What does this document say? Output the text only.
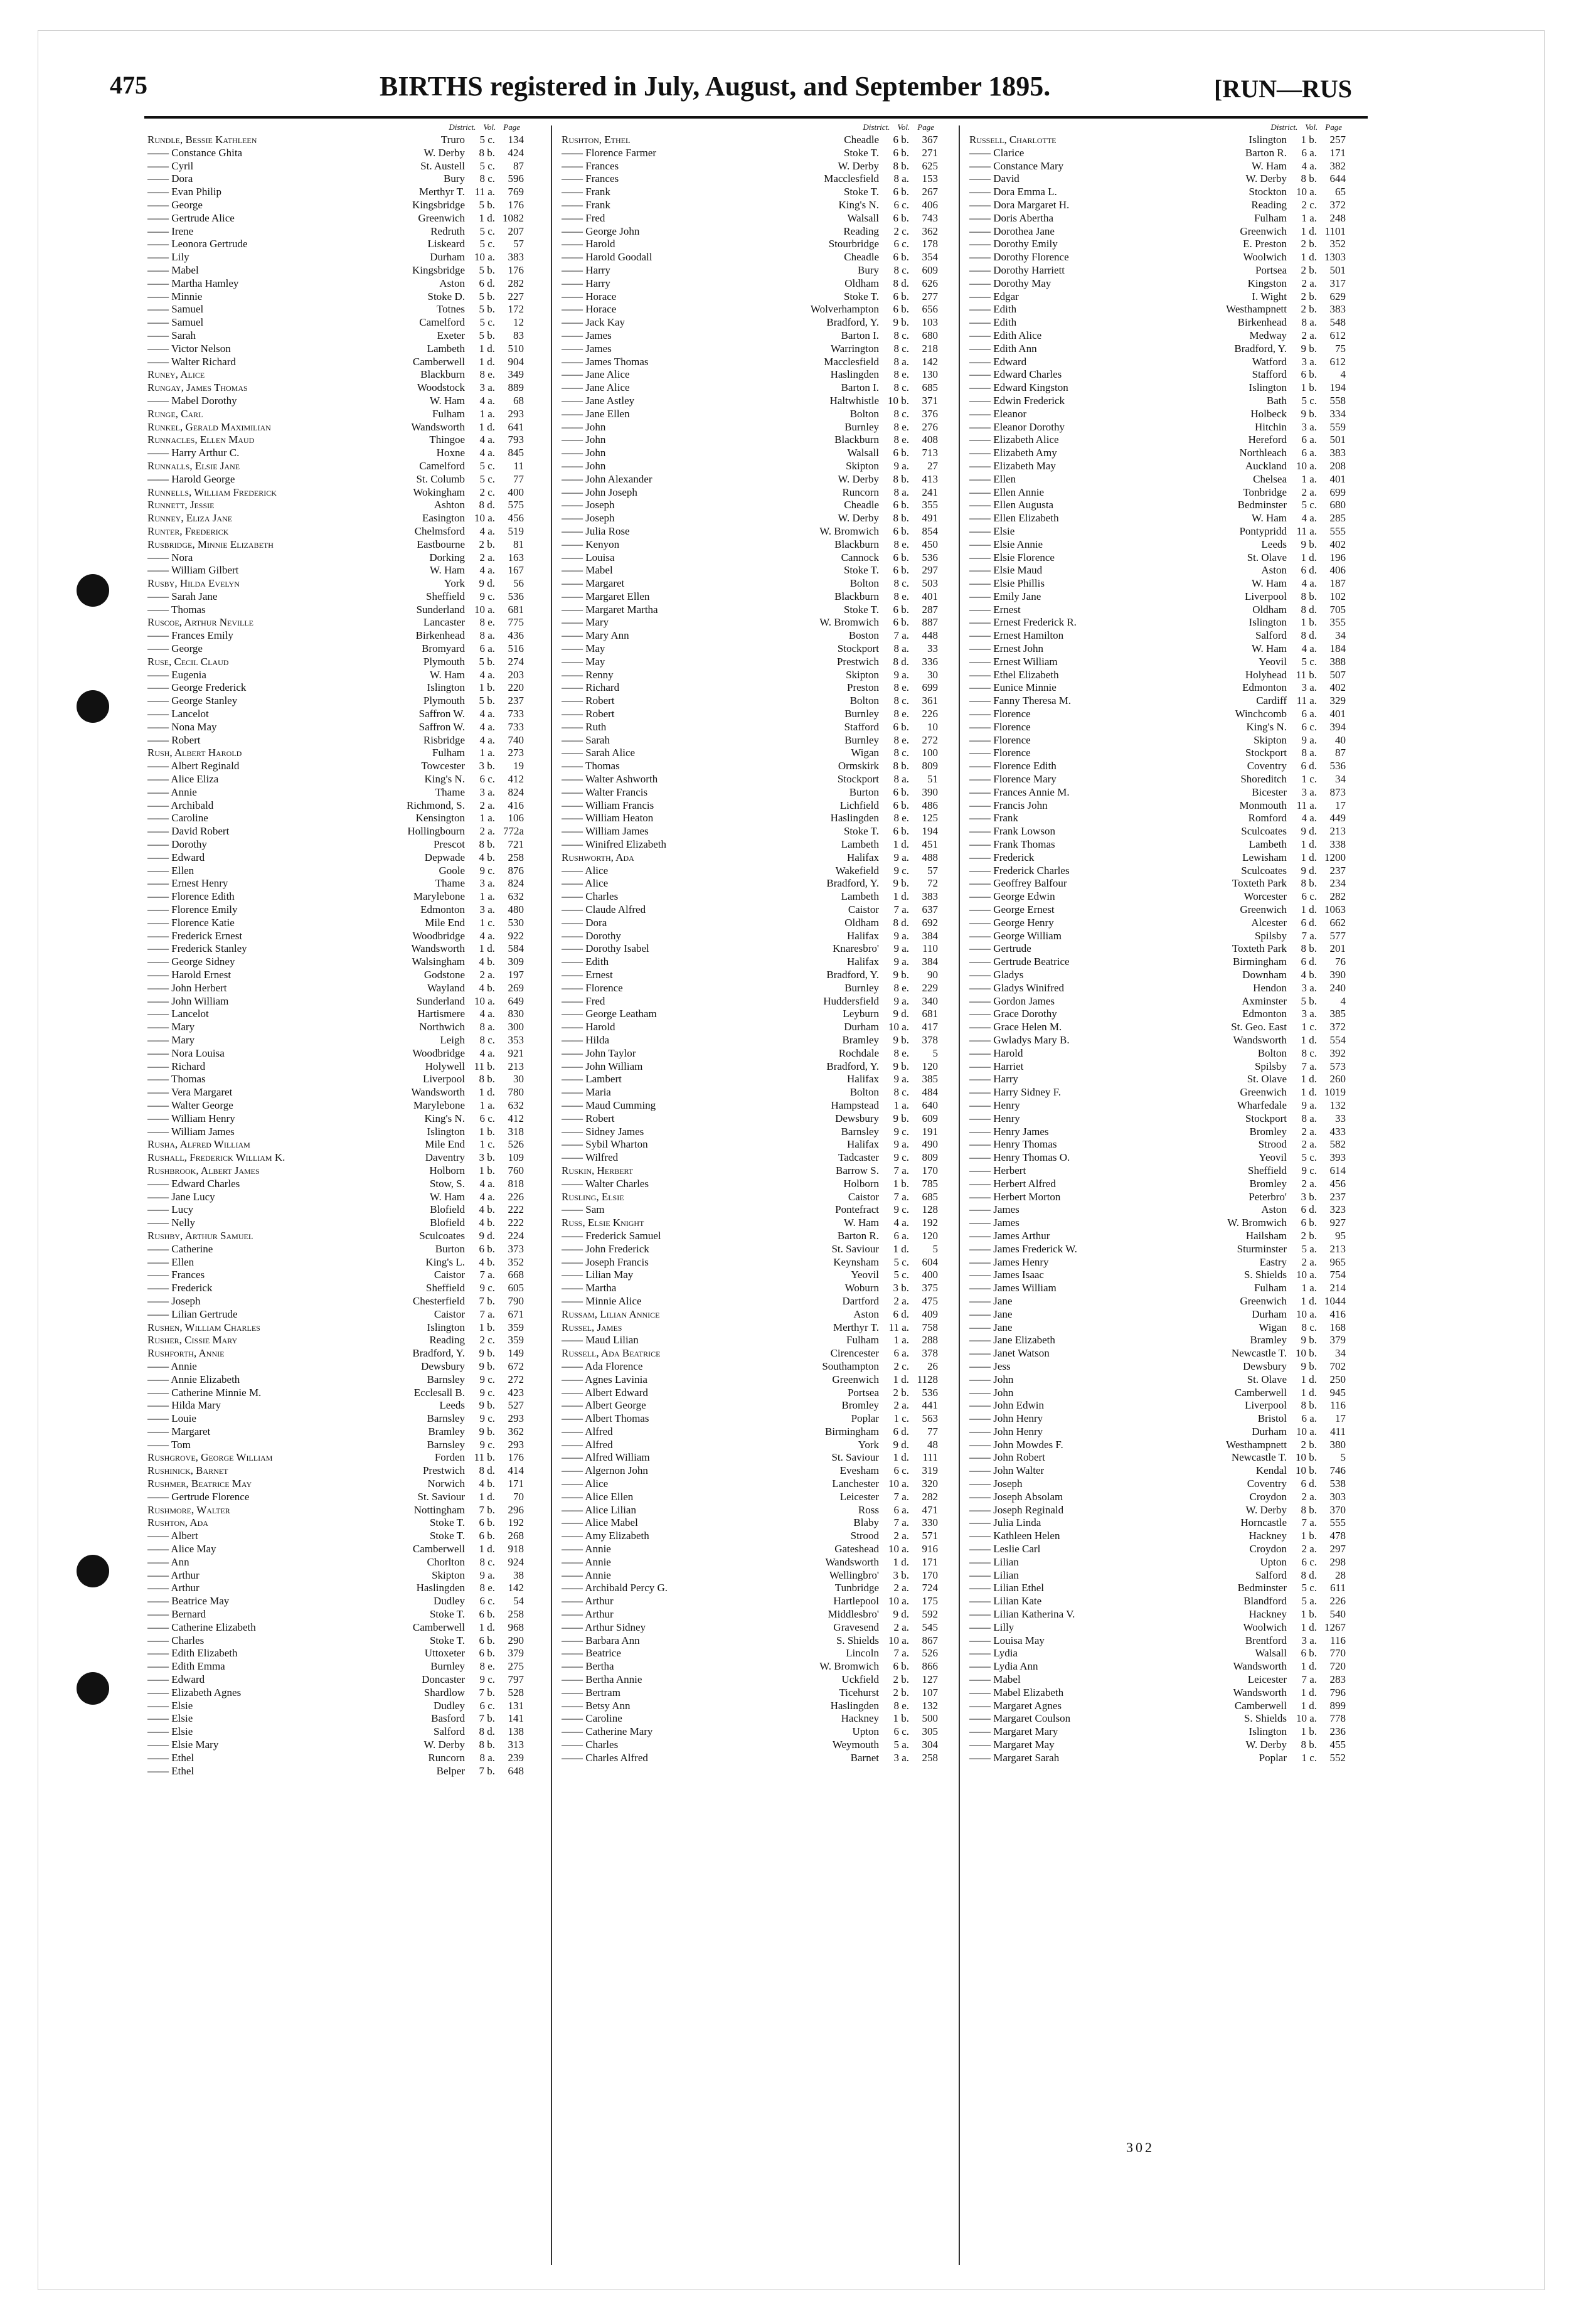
475	BIRTHS registered in July, August, and September 1895.	[RUN—RUS
District. Vol. Page
Rundle, Bessie Kathleen	Truro	5 c.	134
—— Constance Ghita	W. Derby	8 b.	424
—— Cyril	St. Austell	5 c.	87
—— Dora	Bury	8 c.	596
—— Evan Philip	Merthyr T. 11 a.	769
—— George	Kingsbridge	5 b.	176
—— Gertrude Alice	Greenwich	1 d. 1082
—— Irene	Redruth	5 c.	207
—— Leonora Gertrude	Liskeard	5 c.	57
—— Lily	Durham 10 a.	383
—— Mabel	Kingsbridge	5 b.	176
—— Martha Hamley	Aston	6 d.	282
—— Minnie	Stoke D.	5 b.	227
—— Samuel	Totnes	5 b.	172
—— Samuel	Camelford	5 c.	12
—— Sarah	Exeter	5 b.	83
—— Victor Nelson	Lambeth	1 d.	510
—— Walter Richard	Camberwell	1 d.	904
Runey, Alice	Blackburn	8 e.	349
Rungay, James Thomas	Woodstock	3 a.	889
—— Mabel Dorothy	W. Ham	4 a.	68
Runge, Carl	Fulham	1 a.	293
Runkel, Gerald Maximilian	Wandsworth	1 d.	641
Runnacles, Ellen Maud	Thingoe	4 a.	793
—— Harry Arthur C.	Hoxne	4 a.	845
Runnalls, Elsie Jane	Camelford	5 c.	11
—— Harold George	St. Columb	5 c.	77
Runnells, William Frederick	Wokingham	2 c.	400
Runnett, Jessie	Ashton	8 d.	575
Runney, Eliza Jane	Easington 10 a.	456
Runter, Frederick	Chelmsford	4 a.	519
Rusbridge, Minnie Elizabeth	Eastbourne	2 b.	81
—— Nora	Dorking	2 a.	163
—— William Gilbert	W. Ham	4 a.	167
Rusby, Hilda Evelyn	York	9 d.	56
—— Sarah Jane	Sheffield	9 c.	536
—— Thomas	Sunderland 10 a.	681
Ruscoe, Arthur Neville	Lancaster	8 e.	775
—— Frances Emily	Birkenhead	8 a.	436
—— George	Bromyard	6 a.	516
Ruse, Cecil Claud	Plymouth	5 b.	274
—— Eugenia	W. Ham	4 a.	203
—— George Frederick	Islington	1 b.	220
—— George Stanley	Plymouth	5 b.	237
—— Lancelot	Saffron W.	4 a.	733
—— Nona May	Saffron W.	4 a.	733
—— Robert	Risbridge	4 a.	740
Rush, Albert Harold	Fulham	1 a.	273
—— Albert Reginald	Towcester	3 b.	19
—— Alice Eliza	King's N.	6 c.	412
—— Annie	Thame	3 a.	824
—— Archibald	Richmond, S.	2 a.	416
—— Caroline	Kensington	1 a.	106
—— David Robert	Hollingbourn	2 a. 772a
—— Dorothy	Prescot	8 b.	721
—— Edward	Depwade	4 b.	258
—— Ellen	Goole	9 c.	876
—— Ernest Henry	Thame	3 a.	824
—— Florence Edith	Marylebone	1 a.	632
—— Florence Emily	Edmonton	3 a.	480
—— Florence Katie	Mile End	1 c.	530
—— Frederick Ernest	Woodbridge	4 a.	922
—— Frederick Stanley	Wandsworth	1 d.	584
—— George Sidney	Walsingham	4 b.	309
—— Harold Ernest	Godstone	2 a.	197
—— John Herbert	Wayland	4 b.	269
—— John William	Sunderland 10 a.	649
—— Lancelot	Hartismere	4 a.	830
—— Mary	Northwich	8 a.	300
—— Mary	Leigh	8 c.	353
—— Nora Louisa	Woodbridge	4 a.	921
—— Richard	Holywell 11 b.	213
—— Thomas	Liverpool	8 b.	30
—— Vera Margaret	Wandsworth	1 d.	780
—— Walter George	Marylebone	1 a.	632
—— William Henry	King's N.	6 c.	412
—— William James	Islington	1 b.	318
Rusha, Alfred William	Mile End	1 c.	526
Rushall, Frederick William K.	Daventry	3 b.	109
Rushbrook, Albert James	Holborn	1 b.	760
—— Edward Charles	Stow, S.	4 a.	818
—— Jane Lucy	W. Ham	4 a.	226
—— Lucy	Blofield	4 b.	222
—— Nelly	Blofield	4 b.	222
Rushby, Arthur Samuel	Sculcoates	9 d.	224
—— Catherine	Burton	6 b.	373
—— Ellen	King's L.	4 b.	352
—— Frances	Caistor	7 a.	668
—— Frederick	Sheffield	9 c.	605
—— Joseph	Chesterfield	7 b.	790
—— Lilian Gertrude	Caistor	7 a.	671
Rushen, William Charles	Islington	1 b.	359
Rusher, Cissie Mary	Reading	2 c.	359
Rushforth, Annie	Bradford, Y.	9 b.	149
—— Annie	Dewsbury	9 b.	672
—— Annie Elizabeth	Barnsley	9 c.	272
—— Catherine Minnie M.	Ecclesall B.	9 c.	423
—— Hilda Mary	Leeds	9 b.	527
—— Louie	Barnsley	9 c.	293
—— Margaret	Bramley	9 b.	362
—— Tom	Barnsley	9 c.	293
Rushgrove, George William	Forden 11 b.	176
Rushinick, Barnet	Prestwich	8 d.	414
Rushmer, Beatrice May	Norwich	4 b.	171
—— Gertrude Florence	St. Saviour	1 d.	70
Rushmore, Walter	Nottingham	7 b.	296
Rushton, Ada	Stoke T.	6 b.	192
—— Albert	Stoke T.	6 b.	268
—— Alice May	Camberwell	1 d.	918
—— Ann	Chorlton	8 c.	924
—— Arthur	Skipton	9 a.	38
—— Arthur	Haslingden	8 e.	142
—— Beatrice May	Dudley	6 c.	54
—— Bernard	Stoke T.	6 b.	258
—— Catherine Elizabeth	Camberwell	1 d.	968
—— Charles	Stoke T.	6 b.	290
—— Edith Elizabeth	Uttoxeter	6 b.	379
—— Edith Emma	Burnley	8 e.	275
—— Edward	Doncaster	9 c.	797
—— Elizabeth Agnes	Shardlow	7 b.	528
—— Elsie	Dudley	6 c.	131
—— Elsie	Basford	7 b.	141
—— Elsie	Salford	8 d.	138
—— Elsie Mary	W. Derby	8 b.	313
—— Ethel	Runcorn	8 a.	239
—— Ethel	Belper	7 b.	648
District. Vol. Page
Rushton, Ethel	Cheadle	6 b.	367
—— Florence Farmer	Stoke T.	6 b.	271
—— Frances	W. Derby	8 b.	625
—— Frances	Macclesfield	8 a.	153
—— Frank	Stoke T.	6 b.	267
—— Frank	King's N.	6 c.	406
—— Fred	Walsall	6 b.	743
—— George John	Reading	2 c.	362
—— Harold	Stourbridge	6 c.	178
—— Harold Goodall	Cheadle	6 b.	354
—— Harry	Bury	8 c.	609
—— Harry	Oldham	8 d.	626
—— Horace	Stoke T.	6 b.	277
—— Horace	Wolverhampton	6 b.	656
—— Jack Kay	Bradford, Y.	9 b.	103
—— James	Barton I.	8 c.	680
—— James	Warrington	8 c.	218
—— James Thomas	Macclesfield	8 a.	142
—— Jane Alice	Haslingden	8 e.	130
—— Jane Alice	Barton I.	8 c.	685
—— Jane Astley	Haltwhistle 10 b.	371
—— Jane Ellen	Bolton	8 c.	376
—— John	Burnley	8 e.	276
—— John	Blackburn	8 e.	408
—— John	Walsall	6 b.	713
—— John	Skipton	9 a.	27
—— John Alexander	W. Derby	8 b.	413
—— John Joseph	Runcorn	8 a.	241
—— Joseph	Cheadle	6 b.	355
—— Joseph	W. Derby	8 b.	491
—— Julia Rose	W. Bromwich	6 b.	854
—— Kenyon	Blackburn	8 e.	450
—— Louisa	Cannock	6 b.	536
—— Mabel	Stoke T.	6 b.	297
—— Margaret	Bolton	8 c.	503
—— Margaret Ellen	Blackburn	8 e.	401
—— Margaret Martha	Stoke T.	6 b.	287
—— Mary	W. Bromwich	6 b.	887
—— Mary Ann	Boston	7 a.	448
—— May	Stockport	8 a.	33
—— May	Prestwich	8 d.	336
—— Renny	Skipton	9 a.	30
—— Richard	Preston	8 e.	699
—— Robert	Bolton	8 c.	361
—— Robert	Burnley	8 e.	226
—— Ruth	Stafford	6 b.	10
—— Sarah	Burnley	8 e.	272
—— Sarah Alice	Wigan	8 c.	100
—— Thomas	Ormskirk	8 b.	809
—— Walter Ashworth	Stockport	8 a.	51
—— Walter Francis	Burton	6 b.	390
—— William Francis	Lichfield	6 b.	486
—— William Heaton	Haslingden	8 e.	125
—— William James	Stoke T.	6 b.	194
—— Winifred Elizabeth	Lambeth	1 d.	451
Rushworth, Ada	Halifax	9 a.	488
—— Alice	Wakefield	9 c.	57
—— Alice	Bradford, Y.	9 b.	72
—— Charles	Lambeth	1 d.	383
—— Claude Alfred	Caistor	7 a.	637
—— Dora	Oldham	8 d.	692
—— Dorothy	Halifax	9 a.	384
—— Dorothy Isabel	Knaresbro'	9 a.	110
—— Edith	Halifax	9 a.	384
—— Ernest	Bradford, Y.	9 b.	90
—— Florence	Burnley	8 e.	229
—— Fred	Huddersfield	9 a.	340
—— George Leatham	Leyburn	9 d.	681
—— Harold	Durham 10 a.	417
—— Hilda	Bramley	9 b.	378
—— John Taylor	Rochdale	8 e.	5
—— John William	Bradford, Y.	9 b.	120
—— Lambert	Halifax	9 a.	385
—— Maria	Bolton	8 c.	484
—— Maud Cumming	Hampstead	1 a.	640
—— Robert	Dewsbury	9 b.	609
—— Sidney James	Barnsley	9 c.	191
—— Sybil Wharton	Halifax	9 a.	490
—— Wilfred	Tadcaster	9 c.	809
Ruskin, Herbert	Barrow S.	7 a.	170
—— Walter Charles	Holborn	1 b.	785
Rusling, Elsie	Caistor	7 a.	685
—— Sam	Pontefract	9 c.	128
Russ, Elsie Knight	W. Ham	4 a.	192
—— Frederick Samuel	Barton R.	6 a.	120
—— John Frederick	St. Saviour	1 d.	5
—— Joseph Francis	Keynsham	5 c.	604
—— Lilian May	Yeovil	5 c.	400
—— Martha	Woburn	3 b.	375
—— Minnie Alice	Dartford	2 a.	475
Russam, Lilian Annice	Aston	6 d.	409
Russel, James	Merthyr T. 11 a.	758
—— Maud Lilian	Fulham	1 a.	288
Russell, Ada Beatrice	Cirencester	6 a.	378
—— Ada Florence	Southampton	2 c.	26
—— Agnes Lavinia	Greenwich	1 d. 1128
—— Albert Edward	Portsea	2 b.	536
—— Albert George	Bromley	2 a.	441
—— Albert Thomas	Poplar	1 c.	563
—— Alfred	Birmingham	6 d.	77
—— Alfred	York	9 d.	48
—— Alfred William	St. Saviour	1 d.	111
—— Algernon John	Evesham	6 c.	319
—— Alice	Lanchester 10 a.	320
—— Alice Ellen	Leicester	7 a.	282
—— Alice Lilian	Ross	6 a.	471
—— Alice Mabel	Blaby	7 a.	330
—— Amy Elizabeth	Strood	2 a.	571
—— Annie	Gateshead 10 a.	916
—— Annie	Wandsworth	1 d.	171
—— Annie	Wellingbro'	3 b.	170
—— Archibald Percy G.	Tunbridge	2 a.	724
—— Arthur	Hartlepool 10 a.	175
—— Arthur	Middlesbro'	9 d.	592
—— Arthur Sidney	Gravesend	2 a.	545
—— Barbara Ann	S. Shields 10 a.	867
—— Beatrice	Lincoln	7 a.	526
—— Bertha	W. Bromwich	6 b.	866
—— Bertha Annie	Uckfield	2 b.	127
—— Bertram	Ticehurst	2 b.	107
—— Betsy Ann	Haslingden	8 e.	132
—— Caroline	Hackney	1 b.	500
—— Catherine Mary	Upton	6 c.	305
—— Charles	Weymouth	5 a.	304
—— Charles Alfred	Barnet	3 a.	258
District. Vol. Page
Russell, Charlotte	Islington	1 b.	257
—— Clarice	Barton R.	6 a.	171
—— Constance Mary	W. Ham	4 a.	382
—— David	W. Derby	8 b.	644
—— Dora Emma L.	Stockton 10 a.	65
—— Dora Margaret H.	Reading	2 c.	372
—— Doris Abertha	Fulham	1 a.	248
—— Dorothea Jane	Greenwich	1 d. 1101
—— Dorothy Emily	E. Preston	2 b.	352
—— Dorothy Florence	Woolwich	1 d. 1303
—— Dorothy Harriett	Portsea	2 b.	501
—— Dorothy May	Kingston	2 a.	317
—— Edgar	I. Wight	2 b.	629
—— Edith	Westhampnett	2 b.	383
—— Edith	Birkenhead	8 a.	548
—— Edith Alice	Medway	2 a.	612
—— Edith Ann	Bradford, Y.	9 b.	75
—— Edward	Watford	3 a.	612
—— Edward Charles	Stafford	6 b.	4
—— Edward Kingston	Islington	1 b.	194
—— Edwin Frederick	Bath	5 c.	558
—— Eleanor	Holbeck	9 b.	334
—— Eleanor Dorothy	Hitchin	3 a.	559
—— Elizabeth Alice	Hereford	6 a.	501
—— Elizabeth Amy	Northleach	6 a.	383
—— Elizabeth May	Auckland 10 a.	208
—— Ellen	Chelsea	1 a.	401
—— Ellen Annie	Tonbridge	2 a.	699
—— Ellen Augusta	Bedminster	5 c.	680
—— Ellen Elizabeth	W. Ham	4 a.	285
—— Elsie	Pontypridd 11 a.	555
—— Elsie Annie	Leeds	9 b.	402
—— Elsie Florence	St. Olave	1 d.	196
—— Elsie Maud	Aston	6 d.	406
—— Elsie Phillis	W. Ham	4 a.	187
—— Emily Jane	Liverpool	8 b.	102
—— Ernest	Oldham	8 d.	705
—— Ernest Frederick R.	Islington	1 b.	355
—— Ernest Hamilton	Salford	8 d.	34
—— Ernest John	W. Ham	4 a.	184
—— Ernest William	Yeovil	5 c.	388
—— Ethel Elizabeth	Holyhead 11 b.	507
—— Eunice Minnie	Edmonton	3 a.	402
—— Fanny Theresa M.	Cardiff 11 a.	329
—— Florence	Winchcomb	6 a.	401
—— Florence	King's N.	6 c.	394
—— Florence	Skipton	9 a.	40
—— Florence	Stockport	8 a.	87
—— Florence Edith	Coventry	6 d.	536
—— Florence Mary	Shoreditch	1 c.	34
—— Frances Annie M.	Bicester	3 a.	873
—— Francis John	Monmouth 11 a.	17
—— Frank	Romford	4 a.	449
—— Frank Lowson	Sculcoates	9 d.	213
—— Frank Thomas	Lambeth	1 d.	338
—— Frederick	Lewisham	1 d. 1200
—— Frederick Charles	Sculcoates	9 d.	237
—— Geoffrey Balfour	Toxteth Park	8 b.	234
—— George Edwin	Worcester	6 c.	282
—— George Ernest	Greenwich	1 d. 1063
—— George Henry	Alcester	6 d.	662
—— George William	Spilsby	7 a.	577
—— Gertrude	Toxteth Park	8 b.	201
—— Gertrude Beatrice	Birmingham	6 d.	76
—— Gladys	Downham	4 b.	390
—— Gladys Winifred	Hendon	3 a.	240
—— Gordon James	Axminster	5 b.	4
—— Grace Dorothy	Edmonton	3 a.	385
—— Grace Helen M.	St. Geo. East	1 c.	372
—— Gwladys Mary B.	Wandsworth	1 d.	554
—— Harold	Bolton	8 c.	392
—— Harriet	Spilsby	7 a.	573
—— Harry	St. Olave	1 d.	260
—— Harry Sidney F.	Greenwich	1 d. 1019
—— Henry	Wharfedale	9 a.	132
—— Henry	Stockport	8 a.	33
—— Henry James	Bromley	2 a.	433
—— Henry Thomas	Strood	2 a.	582
—— Henry Thomas O.	Yeovil	5 c.	393
—— Herbert	Sheffield	9 c.	614
—— Herbert Alfred	Bromley	2 a.	456
—— Herbert Morton	Peterbro'	3 b.	237
—— James	Aston	6 d.	323
—— James	W. Bromwich	6 b.	927
—— James Arthur	Hailsham	2 b.	95
—— James Frederick W.	Sturminster	5 a.	213
—— James Henry	Eastry	2 a.	965
—— James Isaac	S. Shields 10 a.	754
—— James William	Fulham	1 a.	214
—— Jane	Greenwich	1 d. 1044
—— Jane	Durham 10 a.	416
—— Jane	Wigan	8 c.	168
—— Jane Elizabeth	Bramley	9 b.	379
—— Janet Watson	Newcastle T. 10 b.	34
—— Jess	Dewsbury	9 b.	702
—— John	St. Olave	1 d.	250
—— John	Camberwell	1 d.	945
—— John Edwin	Liverpool	8 b.	116
—— John Henry	Bristol	6 a.	17
—— John Henry	Durham 10 a.	411
—— John Mowdes F.	Westhampnett	2 b.	380
—— John Robert	Newcastle T. 10 b.	5
—— John Walter	Kendal 10 b.	746
—— Joseph	Coventry	6 d.	538
—— Joseph Absolam	Croydon	2 a.	303
—— Joseph Reginald	W. Derby	8 b.	370
—— Julia Linda	Horncastle	7 a.	555
—— Kathleen Helen	Hackney	1 b.	478
—— Leslie Carl	Croydon	2 a.	297
—— Lilian	Upton	6 c.	298
—— Lilian	Salford	8 d.	28
—— Lilian Ethel	Bedminster	5 c.	611
—— Lilian Kate	Blandford	5 a.	226
—— Lilian Katherina V.	Hackney	1 b.	540
—— Lilly	Woolwich	1 d. 1267
—— Louisa May	Brentford	3 a.	116
—— Lydia	Walsall	6 b.	770
—— Lydia Ann	Wandsworth	1 d.	720
—— Mabel	Leicester	7 a.	283
—— Mabel Elizabeth	Wandsworth	1 d.	796
—— Margaret Agnes	Camberwell	1 d.	899
—— Margaret Coulson	S. Shields 10 a.	778
—— Margaret Mary	Islington	1 b.	236
—— Margaret May	W. Derby	8 b.	455
—— Margaret Sarah	Poplar	1 c.	552
302
